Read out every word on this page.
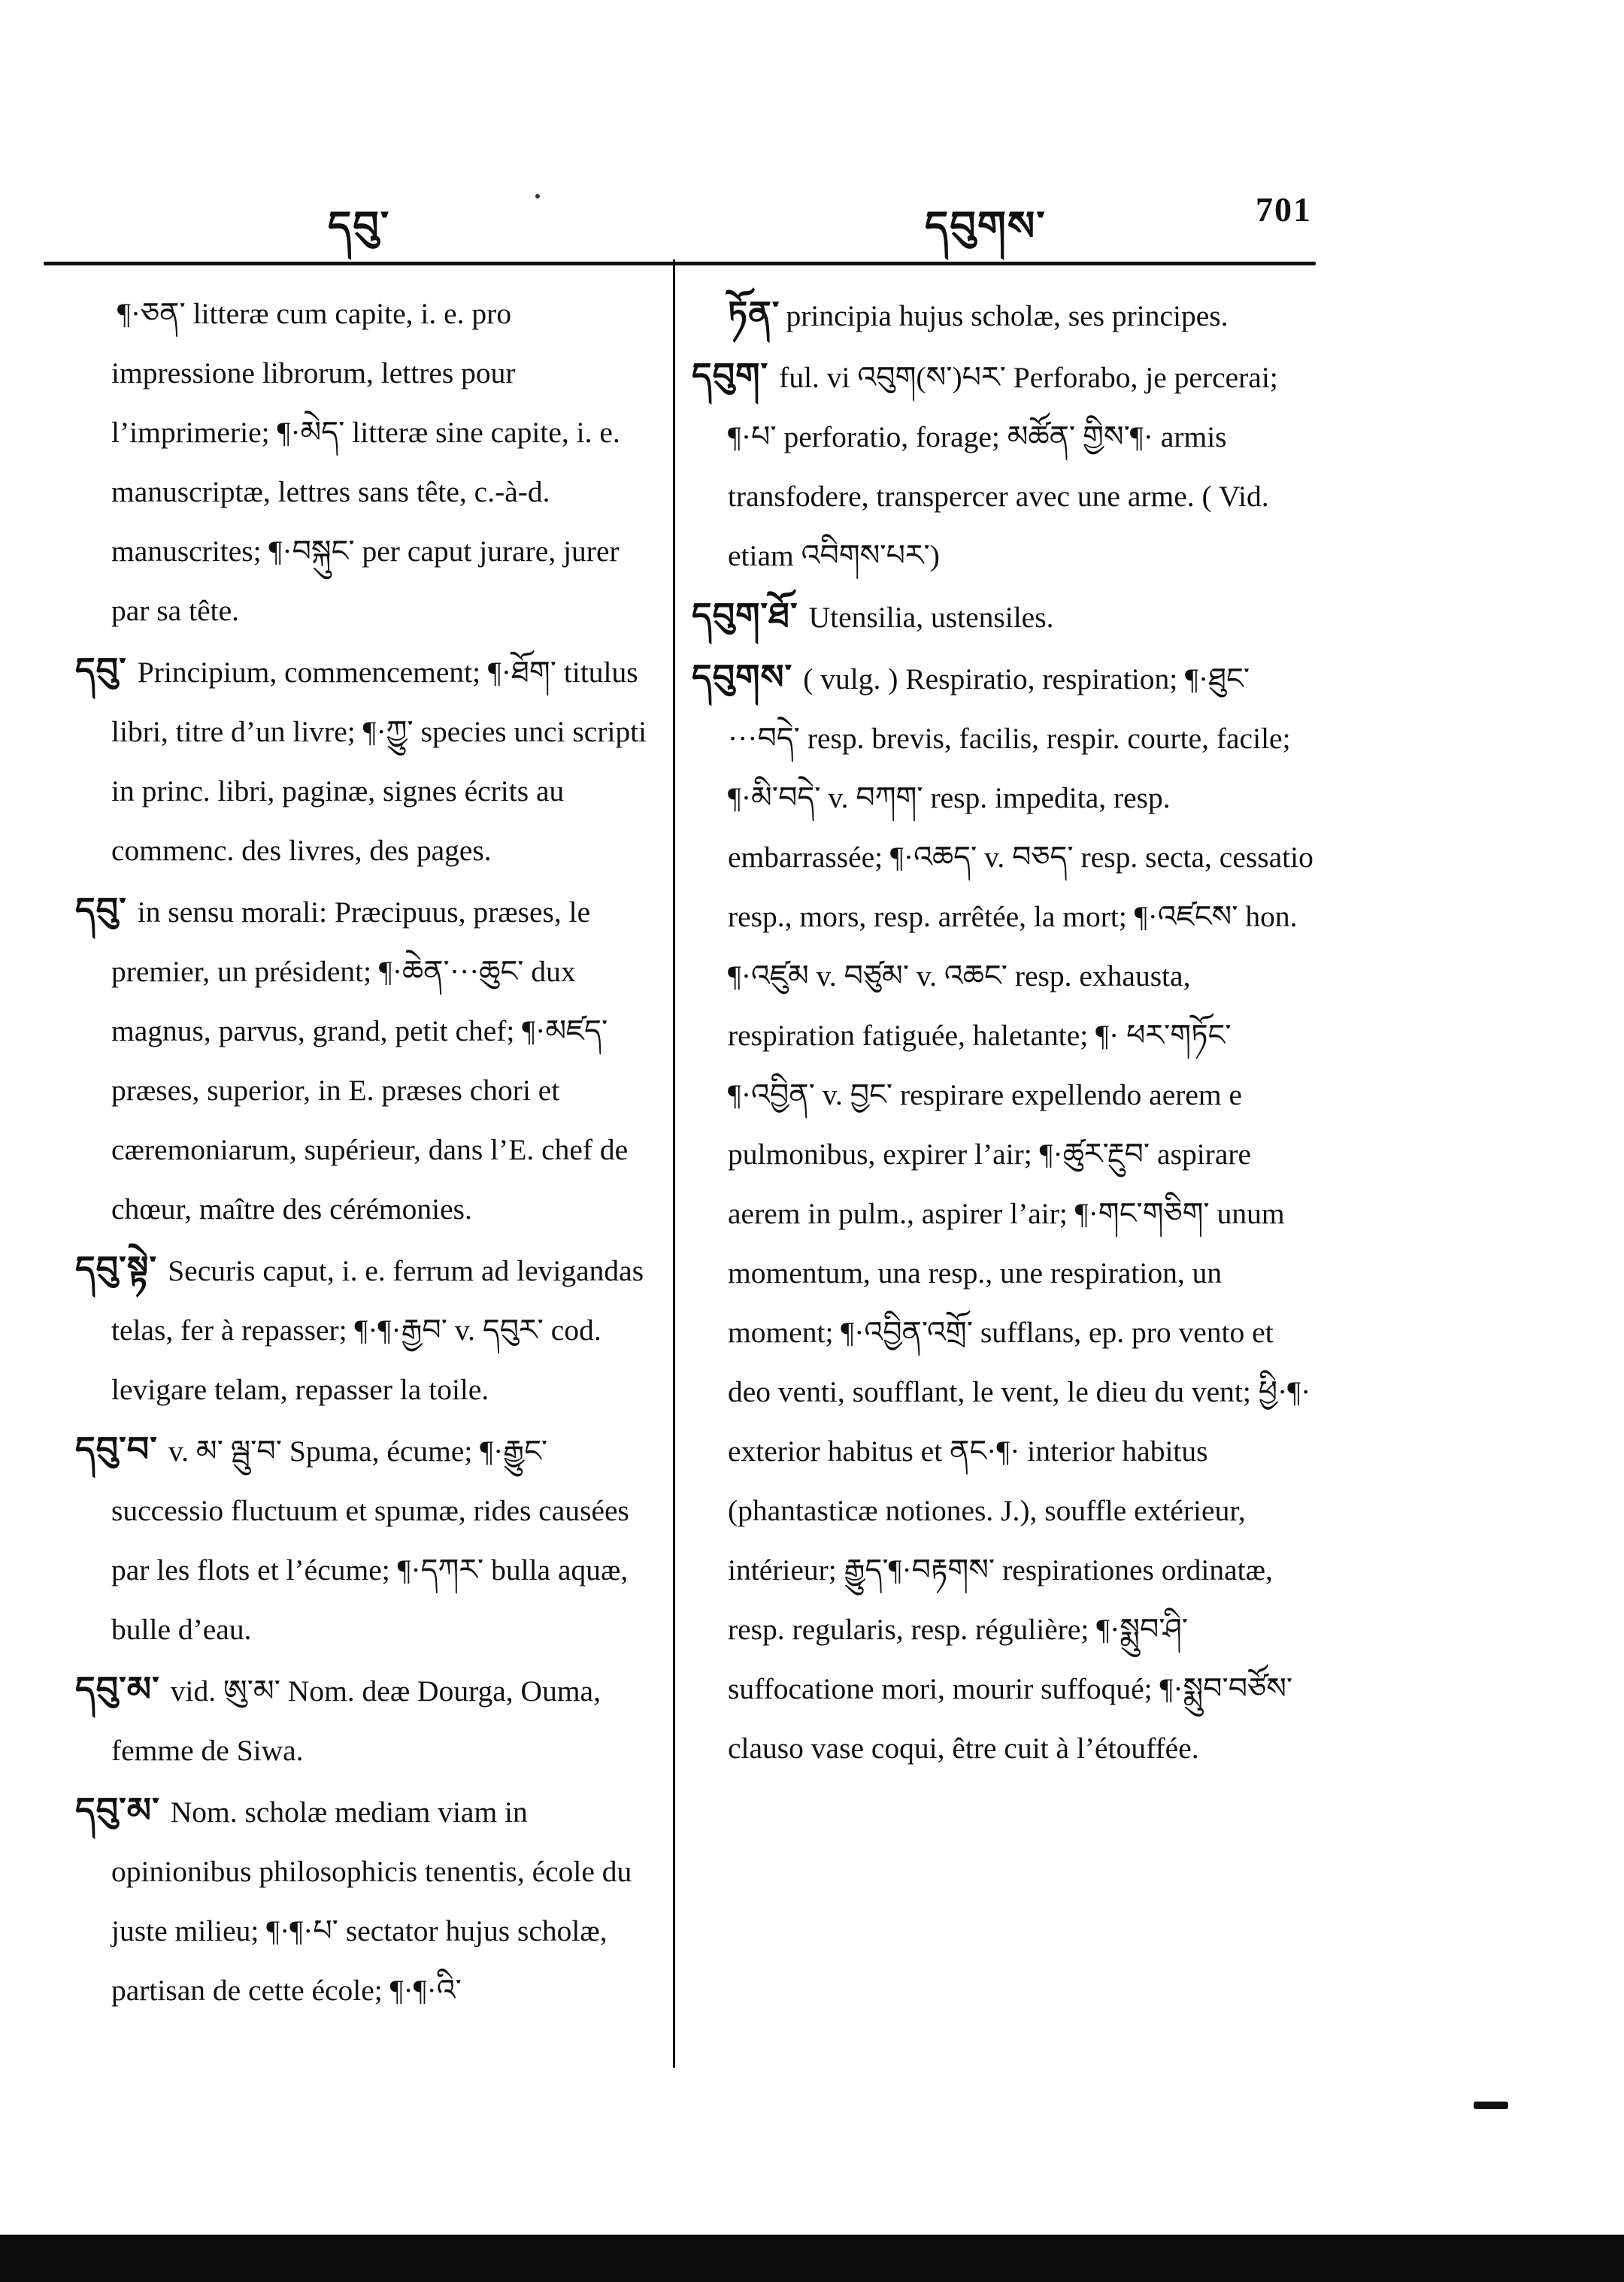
དབུ་	དབུགས་	701

¶·ཅན་ litteræ cum capite, i. e. pro impressione librorum, lettres pour l’imprimerie; ¶·མེད་ litteræ sine capite, i. e. manuscriptæ, lettres sans tête, c.-à-d. manuscrites; ¶·བསྐུང་ per caput jurare, jurer par sa tête.

དབུ་ Principium, commencement; ¶·ཐོག་ titulus libri, titre d’un livre; ¶·ཀྱུ་ species unci scripti in princ. libri, paginæ, signes écrits au commenc. des livres, des pages.

དབུ་ in sensu morali: Præcipuus, præses, le premier, un président; ¶·ཆེན་···ཆུང་ dux magnus, parvus, grand, petit chef; ¶·མཛད་ præses, superior, in E. præses chori et cæremoniarum, supérieur, dans l’E. chef de chœur, maître des cérémonies.

དབུ་སྟེ་ Securis caput, i. e. ferrum ad levigandas telas, fer à repasser; ¶·¶·རྒྱབ་ v. དབུར་ cod. levigare telam, repasser la toile.

དབུ་བ་ v. མ་ ལྦུ་བ་ Spuma, écume; ¶·རྒྱུང་ successio fluctuum et spumæ, rides causées par les flots et l’écume; ¶·དཀར་ bulla aquæ, bulle d’eau.

དབུ་མ་ vid. ཨུ་མ་ Nom. deæ Dourga, Ouma, femme de Siwa.

དབུ་མ་ Nom. scholæ mediam viam in opinionibus philosophicis tenentis, école du juste milieu; ¶·¶·པ་ sectator hujus scholæ, partisan de cette école; ¶·¶·འི་

ཏོན་ principia hujus scholæ, ses principes.

དབུག་ ful. vi འབུག(ས་)པར་ Perforabo, je percerai; ¶·པ་ perforatio, forage; མཚོན་ གྱིས་¶· armis transfodere, transpercer avec une arme. ( Vid. etiam འབིགས་པར་)

དབུག་ཐོ་ Utensilia, ustensiles.

དབུགས་ ( vulg. ) Respiratio, respiration; ¶·ཐུང་···བདེ་ resp. brevis, facilis, respir. courte, facile; ¶·མི་བདེ་ v. བཀག་ resp. impedita, resp. embarrassée; ¶·འཆད་ v. བཅད་ resp. secta, cessatio resp., mors, resp. arrêtée, la mort; ¶·འཛངས་ hon. ¶·འཛུམ v. བཙུམ་ v. འཆང་ resp. exhausta, respiration fatiguée, haletante; ¶· ཕར་གཏོང་ ¶·འབྱིན་ v. བྱང་ respirare expellendo aerem e pulmonibus, expirer l’air; ¶·ཚུར་རྔུབ་ aspirare aerem in pulm., aspirer l’air; ¶·གང་གཅིག་ unum momentum, una resp., une respiration, un moment; ¶·འབྱིན་འགྲོ་ sufflans, ep. pro vento et deo venti, soufflant, le vent, le dieu du vent; ཕྱི·¶· exterior habitus et ནང·¶· interior habitus (phantasticæ notiones. J.), souffle extérieur, intérieur; རྒྱུད་¶·བརྟགས་ respirationes ordinatæ, resp. regularis, resp. régulière; ¶·སྨུབ་ཤི་ suffocatione mori, mourir suffoqué; ¶·སྨུབ་བཙོས་ clauso vase coqui, être cuit à l’étouffée.
